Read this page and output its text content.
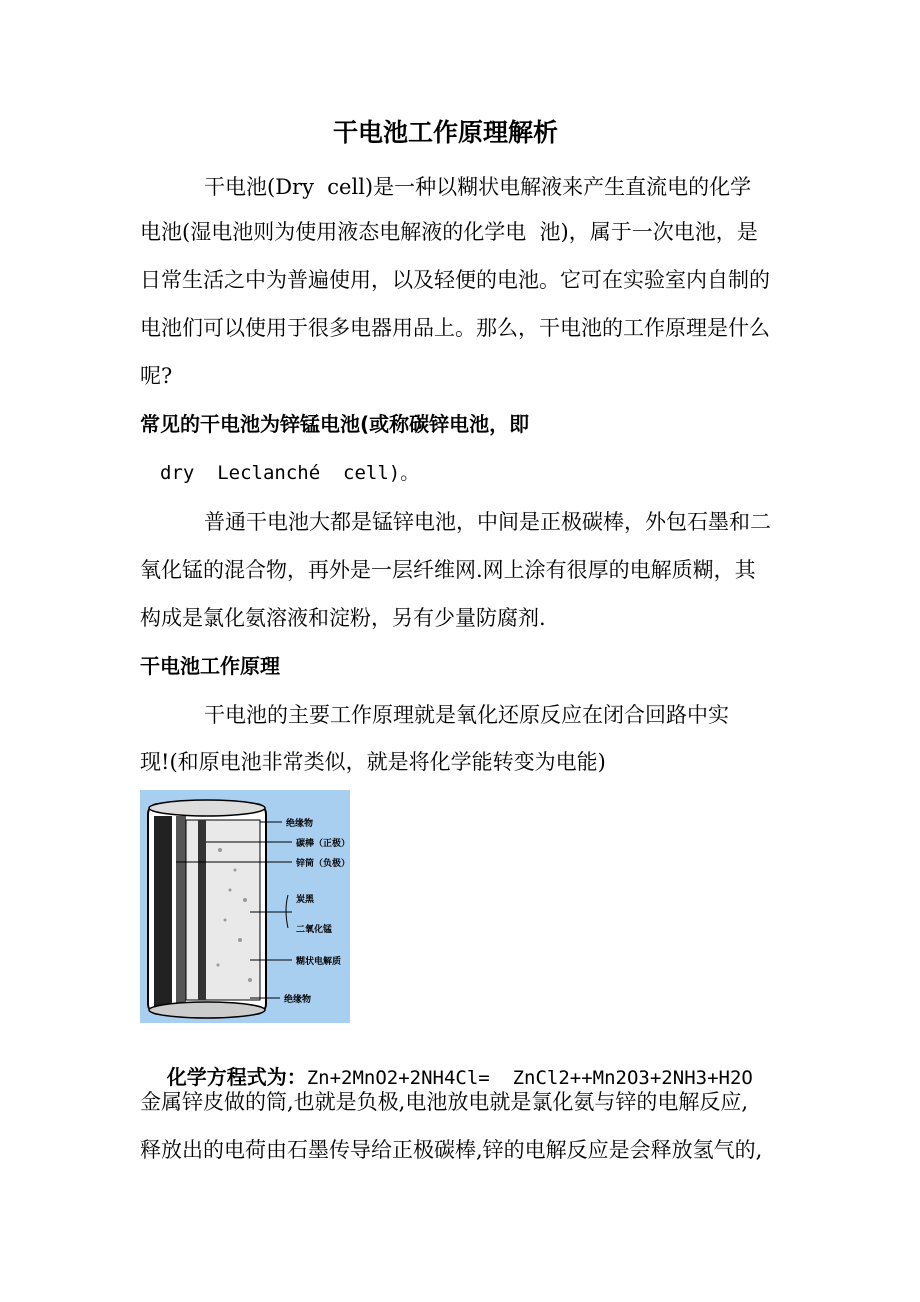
干电池工作原理解析
干电池(Dry  cell)是一种以糊状电解液来产生直流电的化学
电池(湿电池则为使用液态电解液的化学电  池)，属于一次电池，是
日常生活之中为普遍使用，以及轻便的电池。它可在实验室内自制的
电池们可以使用于很多电器用品上。那么，干电池的工作原理是什么
呢?
常见的干电池为锌锰电池(或称碳锌电池，即
dry  Leclanché  cell)。
普通干电池大都是锰锌电池，中间是正极碳棒，外包石墨和二
氧化锰的混合物，再外是一层纤维网.网上涂有很厚的电解质糊，其
构成是氯化氨溶液和淀粉，另有少量防腐剂.
干电池工作原理
干电池的主要工作原理就是氧化还原反应在闭合回路中实
现!(和原电池非常类似，就是将化学能转变为电能)
绝缘物
碳棒（正极）
锌筒（负极）
炭黑
二氧化锰
糊状电解质
绝缘物

化学方程式为：Zn+2MnO2+2NH4Cl=  ZnCl2++Mn2O3+2NH3+H2O

金属锌皮做的筒,也就是负极,电池放电就是氯化氨与锌的电解反应,
释放出的电荷由石墨传导给正极碳棒,锌的电解反应是会释放氢气的,
